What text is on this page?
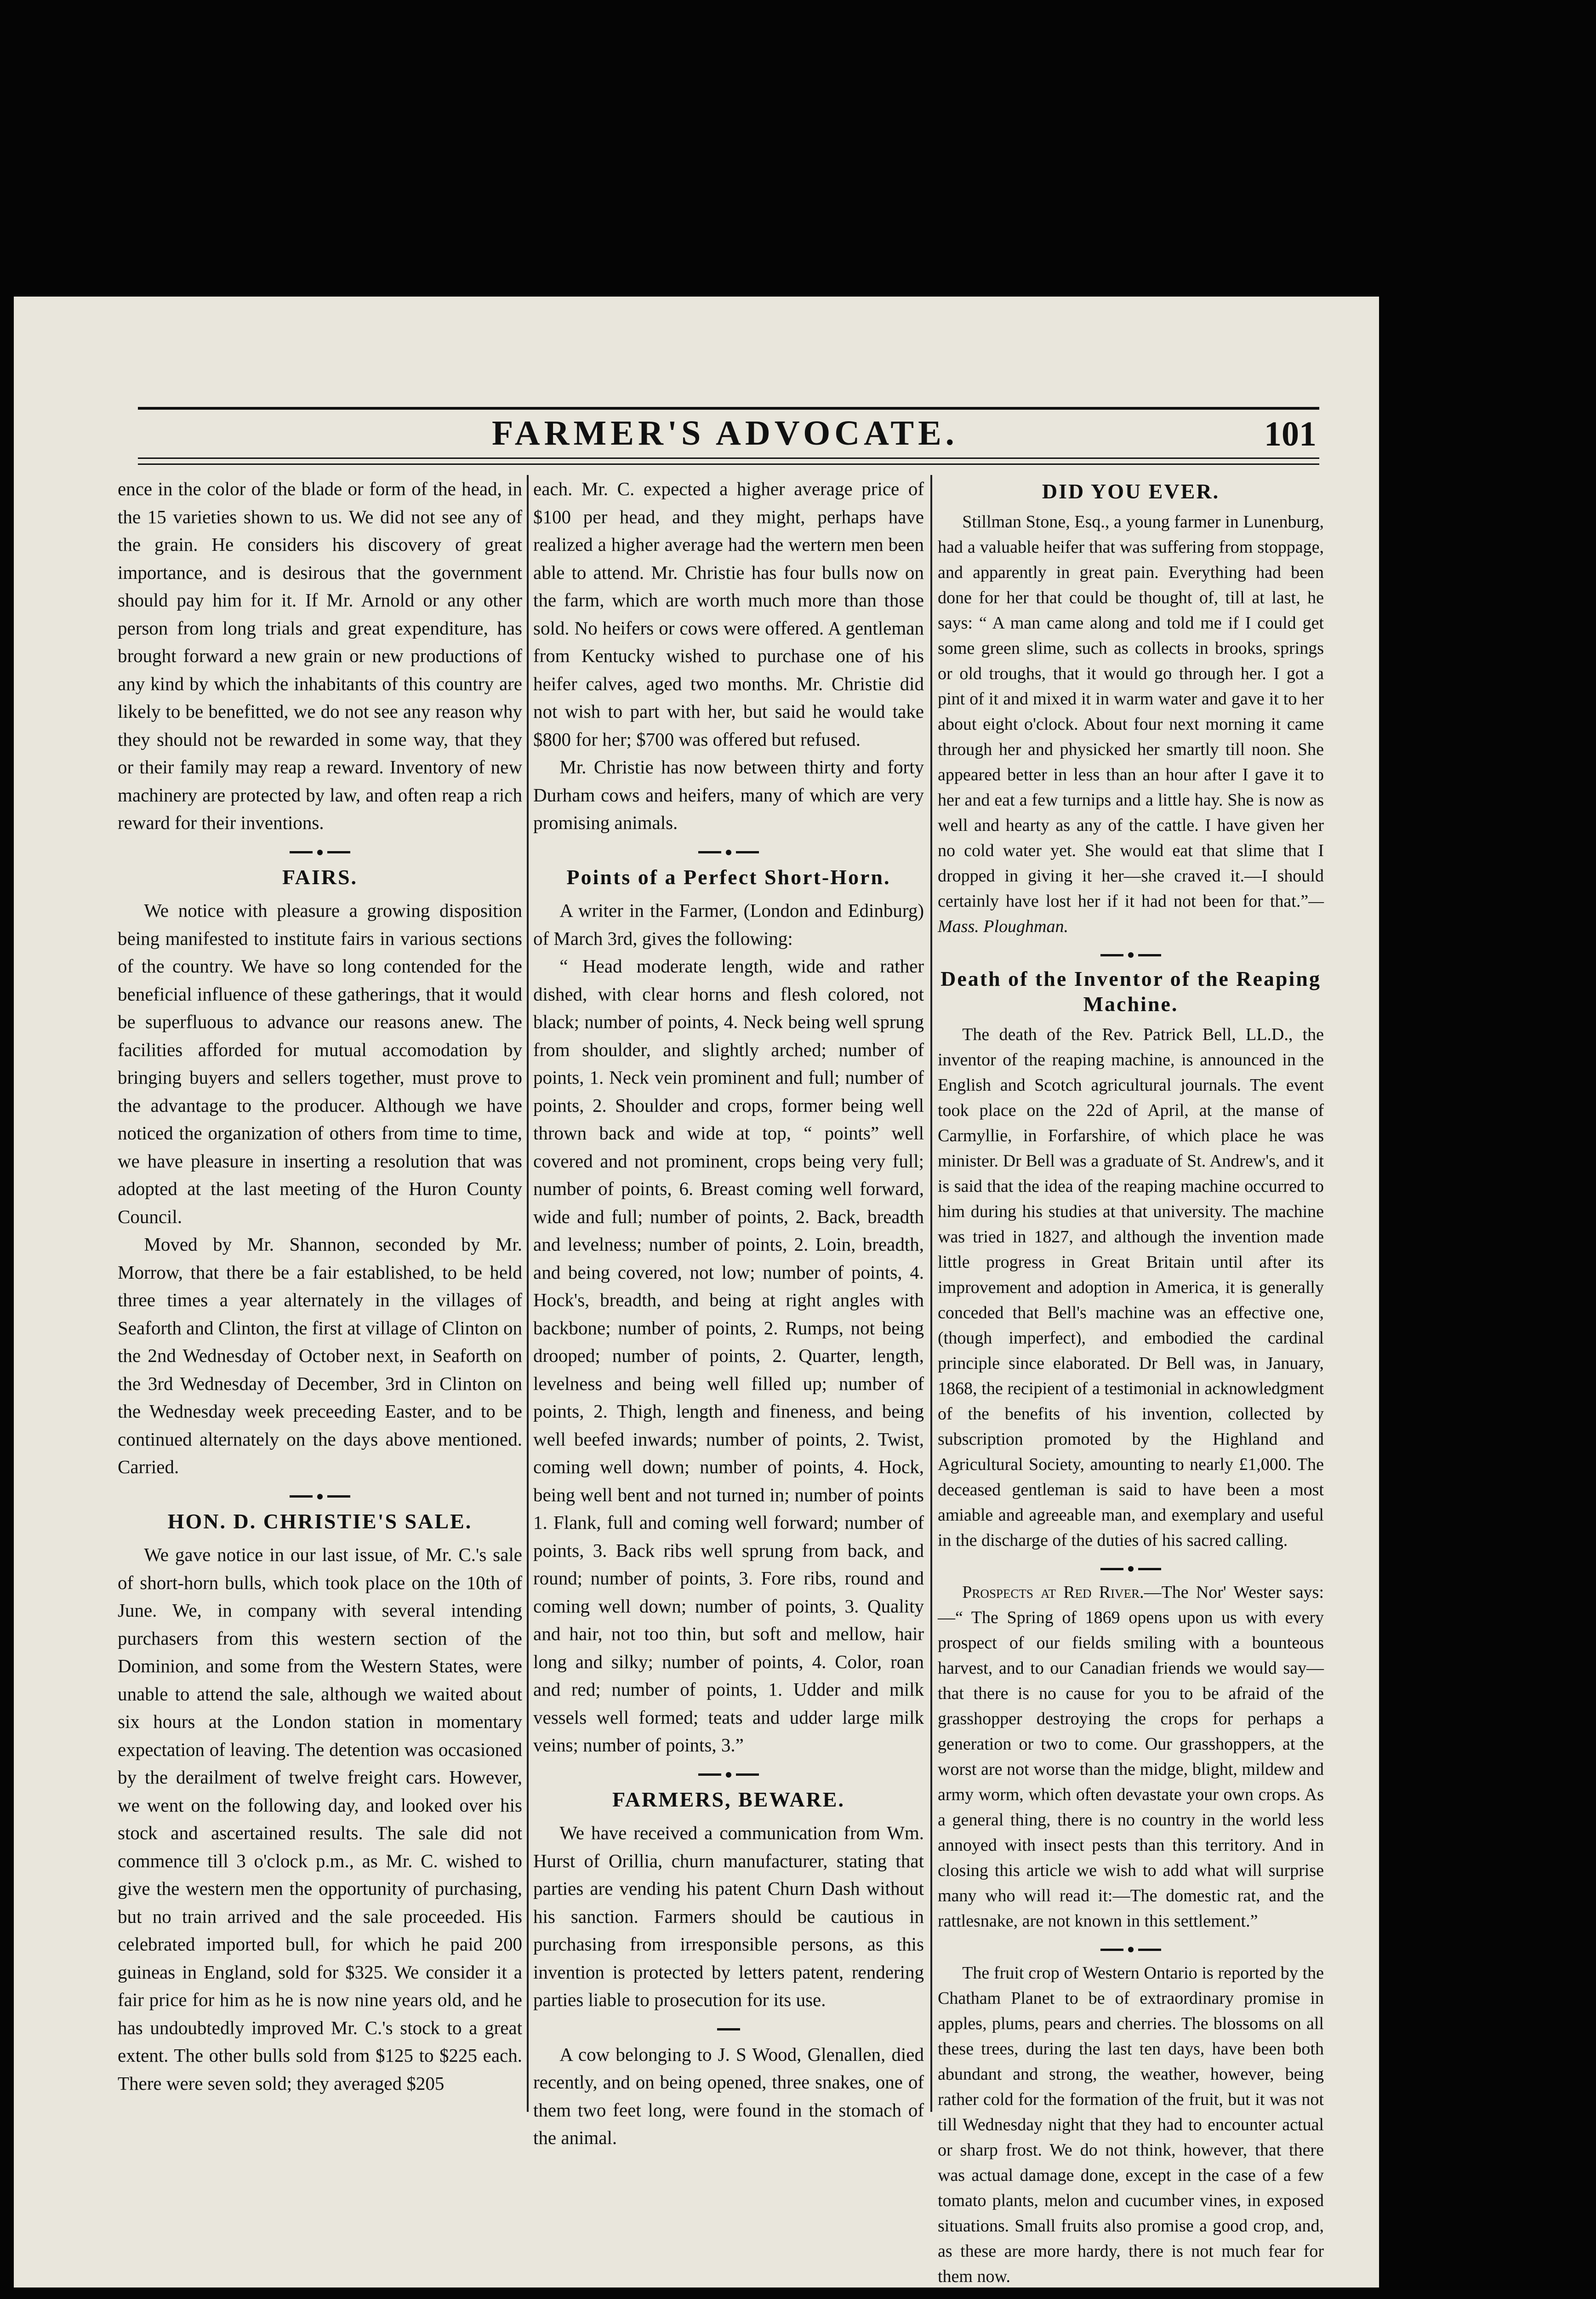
FARMER'S ADVOCATE.	101

ence in the color of the blade or form of the head, in the 15 varieties shown to us. We did not see any of the grain. He considers his discovery of great importance, and is desirous that the government should pay him for it. If Mr. Arnold or any other person from long trials and great expenditure, has brought forward a new grain or new productions of any kind by which the inhabitants of this country are likely to be benefitted, we do not see any reason why they should not be rewarded in some way, that they or their family may reap a reward. Inventory of new machinery are protected by law, and often reap a rich reward for their inventions.

FAIRS.

We notice with pleasure a growing disposition being manifested to institute fairs in various sections of the country. We have so long contended for the beneficial influence of these gatherings, that it would be superfluous to advance our reasons anew. The facilities afforded for mutual accomodation by bringing buyers and sellers together, must prove to the advantage to the producer. Although we have noticed the organization of others from time to time, we have pleasure in inserting a resolution that was adopted at the last meeting of the Huron County Council.

Moved by Mr. Shannon, seconded by Mr. Morrow, that there be a fair established, to be held three times a year alternately in the villages of Seaforth and Clinton, the first at village of Clinton on the 2nd Wednesday of October next, in Seaforth on the 3rd Wednesday of December, 3rd in Clinton on the Wednesday week preceeding Easter, and to be continued alternately on the days above mentioned. Carried.

HON. D. CHRISTIE'S SALE.

We gave notice in our last issue, of Mr. C.'s sale of short-horn bulls, which took place on the 10th of June. We, in company with several intending purchasers from this western section of the Dominion, and some from the Western States, were unable to attend the sale, although we waited about six hours at the London station in momentary expectation of leaving. The detention was occasioned by the derailment of twelve freight cars. However, we went on the following day, and looked over his stock and ascertained results. The sale did not commence till 3 o'clock p.m., as Mr. C. wished to give the western men the opportunity of purchasing, but no train arrived and the sale proceeded. His celebrated imported bull, for which he paid 200 guineas in England, sold for $325. We consider it a fair price for him as he is now nine years old, and he has undoubtedly improved Mr. C.'s stock to a great extent. The other bulls sold from $125 to $225 each. There were seven sold; they averaged $205

each. Mr. C. expected a higher average price of $100 per head, and they might, perhaps have realized a higher average had the wertern men been able to attend. Mr. Christie has four bulls now on the farm, which are worth much more than those sold. No heifers or cows were offered. A gentleman from Kentucky wished to purchase one of his heifer calves, aged two months. Mr. Christie did not wish to part with her, but said he would take $800 for her; $700 was offered but refused.

Mr. Christie has now between thirty and forty Durham cows and heifers, many of which are very promising animals.

Points of a Perfect Short-Horn.

A writer in the Farmer, (London and Edinburg) of March 3rd, gives the following:

“ Head moderate length, wide and rather dished, with clear horns and flesh colored, not black; number of points, 4. Neck being well sprung from shoulder, and slightly arched; number of points, 1. Neck vein prominent and full; number of points, 2. Shoulder and crops, former being well thrown back and wide at top, “ points” well covered and not prominent, crops being very full; number of points, 6. Breast coming well forward, wide and full; number of points, 2. Back, breadth and levelness; number of points, 2. Loin, breadth, and being covered, not low; number of points, 4. Hock's, breadth, and being at right angles with backbone; number of points, 2. Rumps, not being drooped; number of points, 2. Quarter, length, levelness and being well filled up; number of points, 2. Thigh, length and fineness, and being well beefed inwards; number of points, 2. Twist, coming well down; number of points, 4. Hock, being well bent and not turned in; number of points 1. Flank, full and coming well forward; number of points, 3. Back ribs well sprung from back, and round; number of points, 3. Fore ribs, round and coming well down; number of points, 3. Quality and hair, not too thin, but soft and mellow, hair long and silky; number of points, 4. Color, roan and red; number of points, 1. Udder and milk vessels well formed; teats and udder large milk veins; number of points, 3.”

FARMERS, BEWARE.

We have received a communication from Wm. Hurst of Orillia, churn manufacturer, stating that parties are vending his patent Churn Dash without his sanction. Farmers should be cautious in purchasing from irresponsible persons, as this invention is protected by letters patent, rendering parties liable to prosecution for its use.

A cow belonging to J. S Wood, Glenallen, died recently, and on being opened, three snakes, one of them two feet long, were found in the stomach of the animal.

DID YOU EVER.

Stillman Stone, Esq., a young farmer in Lunenburg, had a valuable heifer that was suffering from stoppage, and apparently in great pain. Everything had been done for her that could be thought of, till at last, he says: “ A man came along and told me if I could get some green slime, such as collects in brooks, springs or old troughs, that it would go through her. I got a pint of it and mixed it in warm water and gave it to her about eight o'clock. About four next morning it came through her and physicked her smartly till noon. She appeared better in less than an hour after I gave it to her and eat a few turnips and a little hay. She is now as well and hearty as any of the cattle. I have given her no cold water yet. She would eat that slime that I dropped in giving it her—she craved it.—I should certainly have lost her if it had not been for that.”—Mass. Ploughman.

Death of the Inventor of the Reaping Machine.

The death of the Rev. Patrick Bell, LL.D., the inventor of the reaping machine, is announced in the English and Scotch agricultural journals. The event took place on the 22d of April, at the manse of Carmyllie, in Forfarshire, of which place he was minister. Dr Bell was a graduate of St. Andrew's, and it is said that the idea of the reaping machine occurred to him during his studies at that university. The machine was tried in 1827, and although the invention made little progress in Great Britain until after its improvement and adoption in America, it is generally conceded that Bell's machine was an effective one, (though imperfect), and embodied the cardinal principle since elaborated. Dr Bell was, in January, 1868, the recipient of a testimonial in acknowledgment of the benefits of his invention, collected by subscription promoted by the Highland and Agricultural Society, amounting to nearly £1,000. The deceased gentleman is said to have been a most amiable and agreeable man, and exemplary and useful in the discharge of the duties of his sacred calling.

Prospects at Red River.—The Nor' Wester says:—“ The Spring of 1869 opens upon us with every prospect of our fields smiling with a bounteous harvest, and to our Canadian friends we would say—that there is no cause for you to be afraid of the grasshopper destroying the crops for perhaps a generation or two to come. Our grasshoppers, at the worst are not worse than the midge, blight, mildew and army worm, which often devastate your own crops. As a general thing, there is no country in the world less annoyed with insect pests than this territory. And in closing this article we wish to add what will surprise many who will read it:—The domestic rat, and the rattlesnake, are not known in this settlement.”

The fruit crop of Western Ontario is reported by the Chatham Planet to be of extraordinary promise in apples, plums, pears and cherries. The blossoms on all these trees, during the last ten days, have been both abundant and strong, the weather, however, being rather cold for the formation of the fruit, but it was not till Wednesday night that they had to encounter actual or sharp frost. We do not think, however, that there was actual damage done, except in the case of a few tomato plants, melon and cucumber vines, in exposed situations. Small fruits also promise a good crop, and, as these are more hardy, there is not much fear for them now.
